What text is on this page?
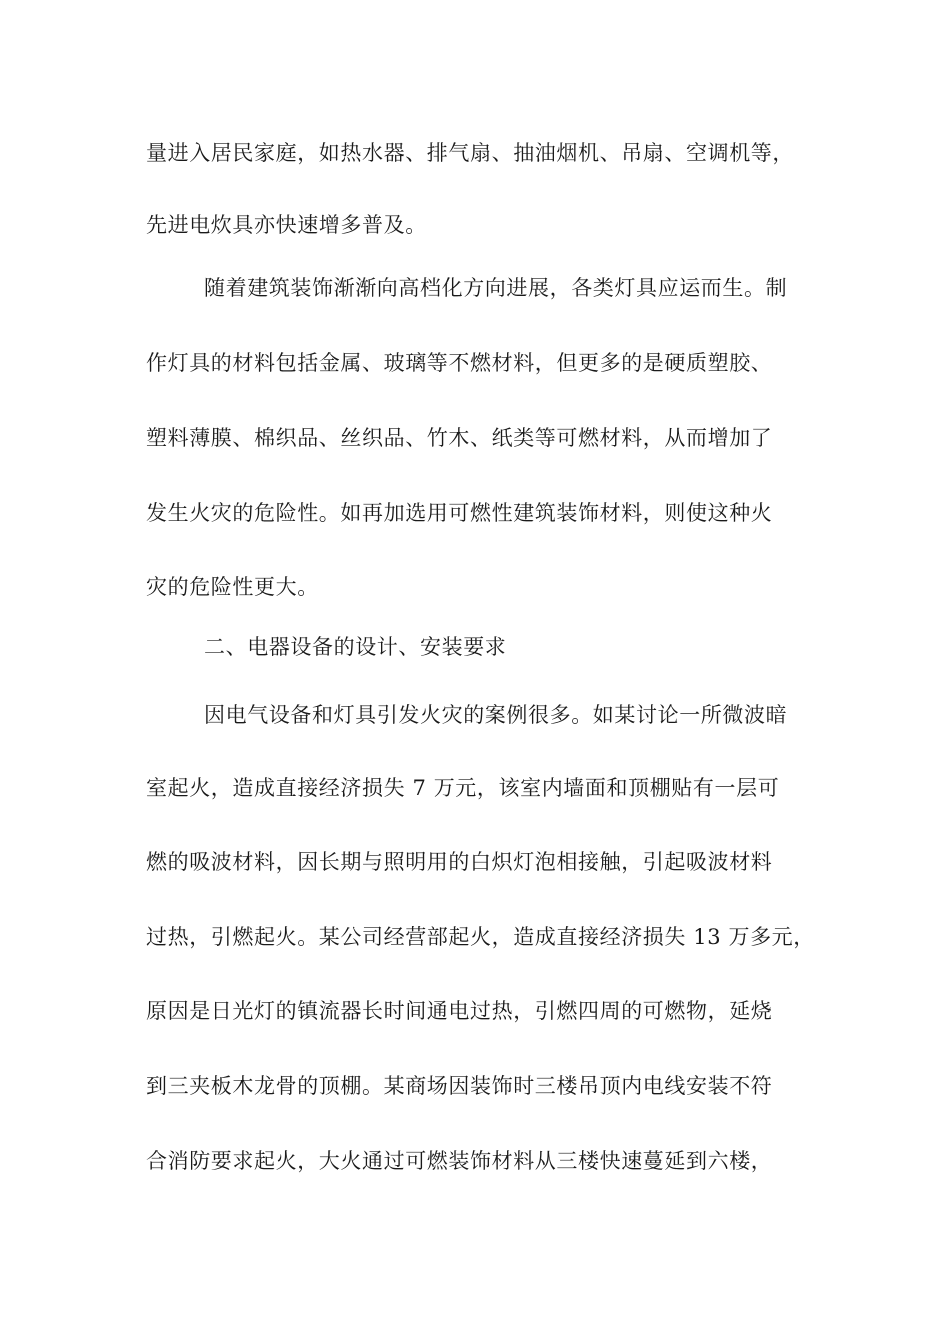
量进入居民家庭，如热水器、排气扇、抽油烟机、吊扇、空调机等，
先进电炊具亦快速增多普及。
随着建筑装饰渐渐向高档化方向进展，各类灯具应运而生。制
作灯具的材料包括金属、玻璃等不燃材料，但更多的是硬质塑胶、
塑料薄膜、棉织品、丝织品、竹木、纸类等可燃材料，从而增加了
发生火灾的危险性。如再加选用可燃性建筑装饰材料，则使这种火
灾的危险性更大。
二、电器设备的设计、安装要求
因电气设备和灯具引发火灾的案例很多。如某讨论一所微波暗
室起火，造成直接经济损失 7 万元，该室内墙面和顶棚贴有一层可
燃的吸波材料，因长期与照明用的白炽灯泡相接触，引起吸波材料
过热，引燃起火。某公司经营部起火，造成直接经济损失 13 万多元，
原因是日光灯的镇流器长时间通电过热，引燃四周的可燃物，延烧
到三夹板木龙骨的顶棚。某商场因装饰时三楼吊顶内电线安装不符
合消防要求起火，大火通过可燃装饰材料从三楼快速蔓延到六楼，
